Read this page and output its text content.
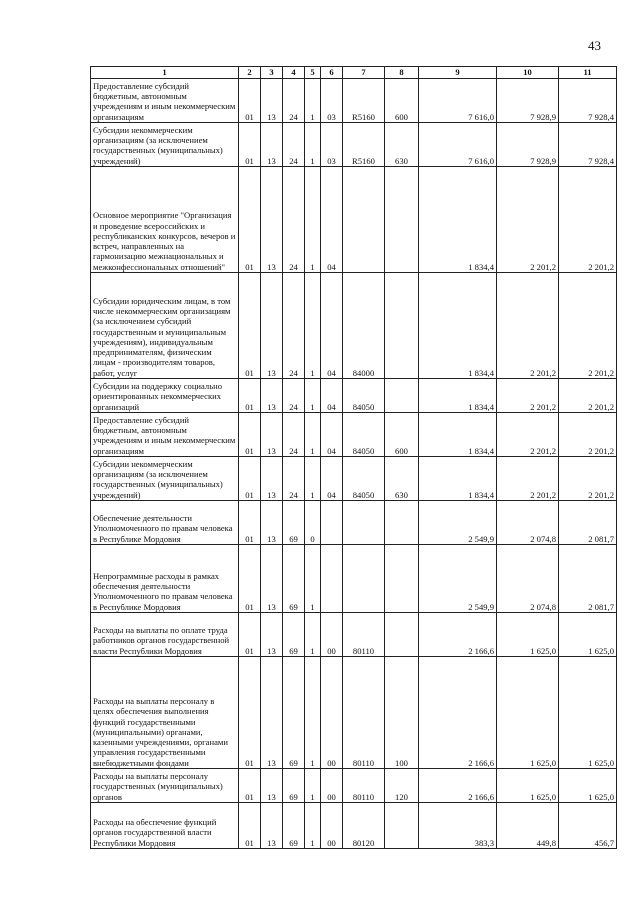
43
1	2	3	4	5	6	7	8	9	10	11
Предоставление субсидий бюджетным, автономным учреждениям и иным некоммерческим организациям	01	13	24	1	03	R5160	600	7 616,0	7 928,9	7 928,4
Субсидии некоммерческим организациям (за исключением государственных (муниципальных) учреждений)	01	13	24	1	03	R5160	630	7 616,0	7 928,9	7 928,4
Основное мероприятие "Организация и проведение всероссийских и республиканских конкурсов, вечеров и встреч, направленных на гармонизацию межнациональных и межконфессиональных отношений"	01	13	24	1	04			1 834,4	2 201,2	2 201,2
Субсидии юридическим лицам, в том числе некоммерческим организациям (за исключением субсидий государственным и муниципальным учреждениям), индивидуальным предпринимателям, физическим лицам - производителям товаров, работ, услуг	01	13	24	1	04	84000		1 834,4	2 201,2	2 201,2
Субсидии на поддержку социально ориентированных некоммерческих организаций	01	13	24	1	04	84050		1 834,4	2 201,2	2 201,2
Предоставление субсидий бюджетным, автономным учреждениям и иным некоммерческим организациям	01	13	24	1	04	84050	600	1 834,4	2 201,2	2 201,2
Субсидии некоммерческим организациям (за исключением государственных (муниципальных) учреждений)	01	13	24	1	04	84050	630	1 834,4	2 201,2	2 201,2
Обеспечение деятельности Уполномоченного по правам человека в Республике Мордовия	01	13	69	0				2 549,9	2 074,8	2 081,7
Непрограммные расходы в рамках обеспечения деятельности Уполномоченного по правам человека в Республике Мордовия	01	13	69	1				2 549,9	2 074,8	2 081,7
Расходы на выплаты по оплате труда работников органов государственной власти Республики Мордовия	01	13	69	1	00	80110		2 166,6	1 625,0	1 625,0
Расходы на выплаты персоналу в целях обеспечения выполнения функций государственными (муниципальными) органами, казенными учреждениями, органами управления государственными внебюджетными фондами	01	13	69	1	00	80110	100	2 166,6	1 625,0	1 625,0
Расходы на выплаты персоналу государственных (муниципальных) органов	01	13	69	1	00	80110	120	2 166,6	1 625,0	1 625,0
Расходы на обеспечение функций органов государственной власти Республики Мордовия	01	13	69	1	00	80120		383,3	449,8	456,7
